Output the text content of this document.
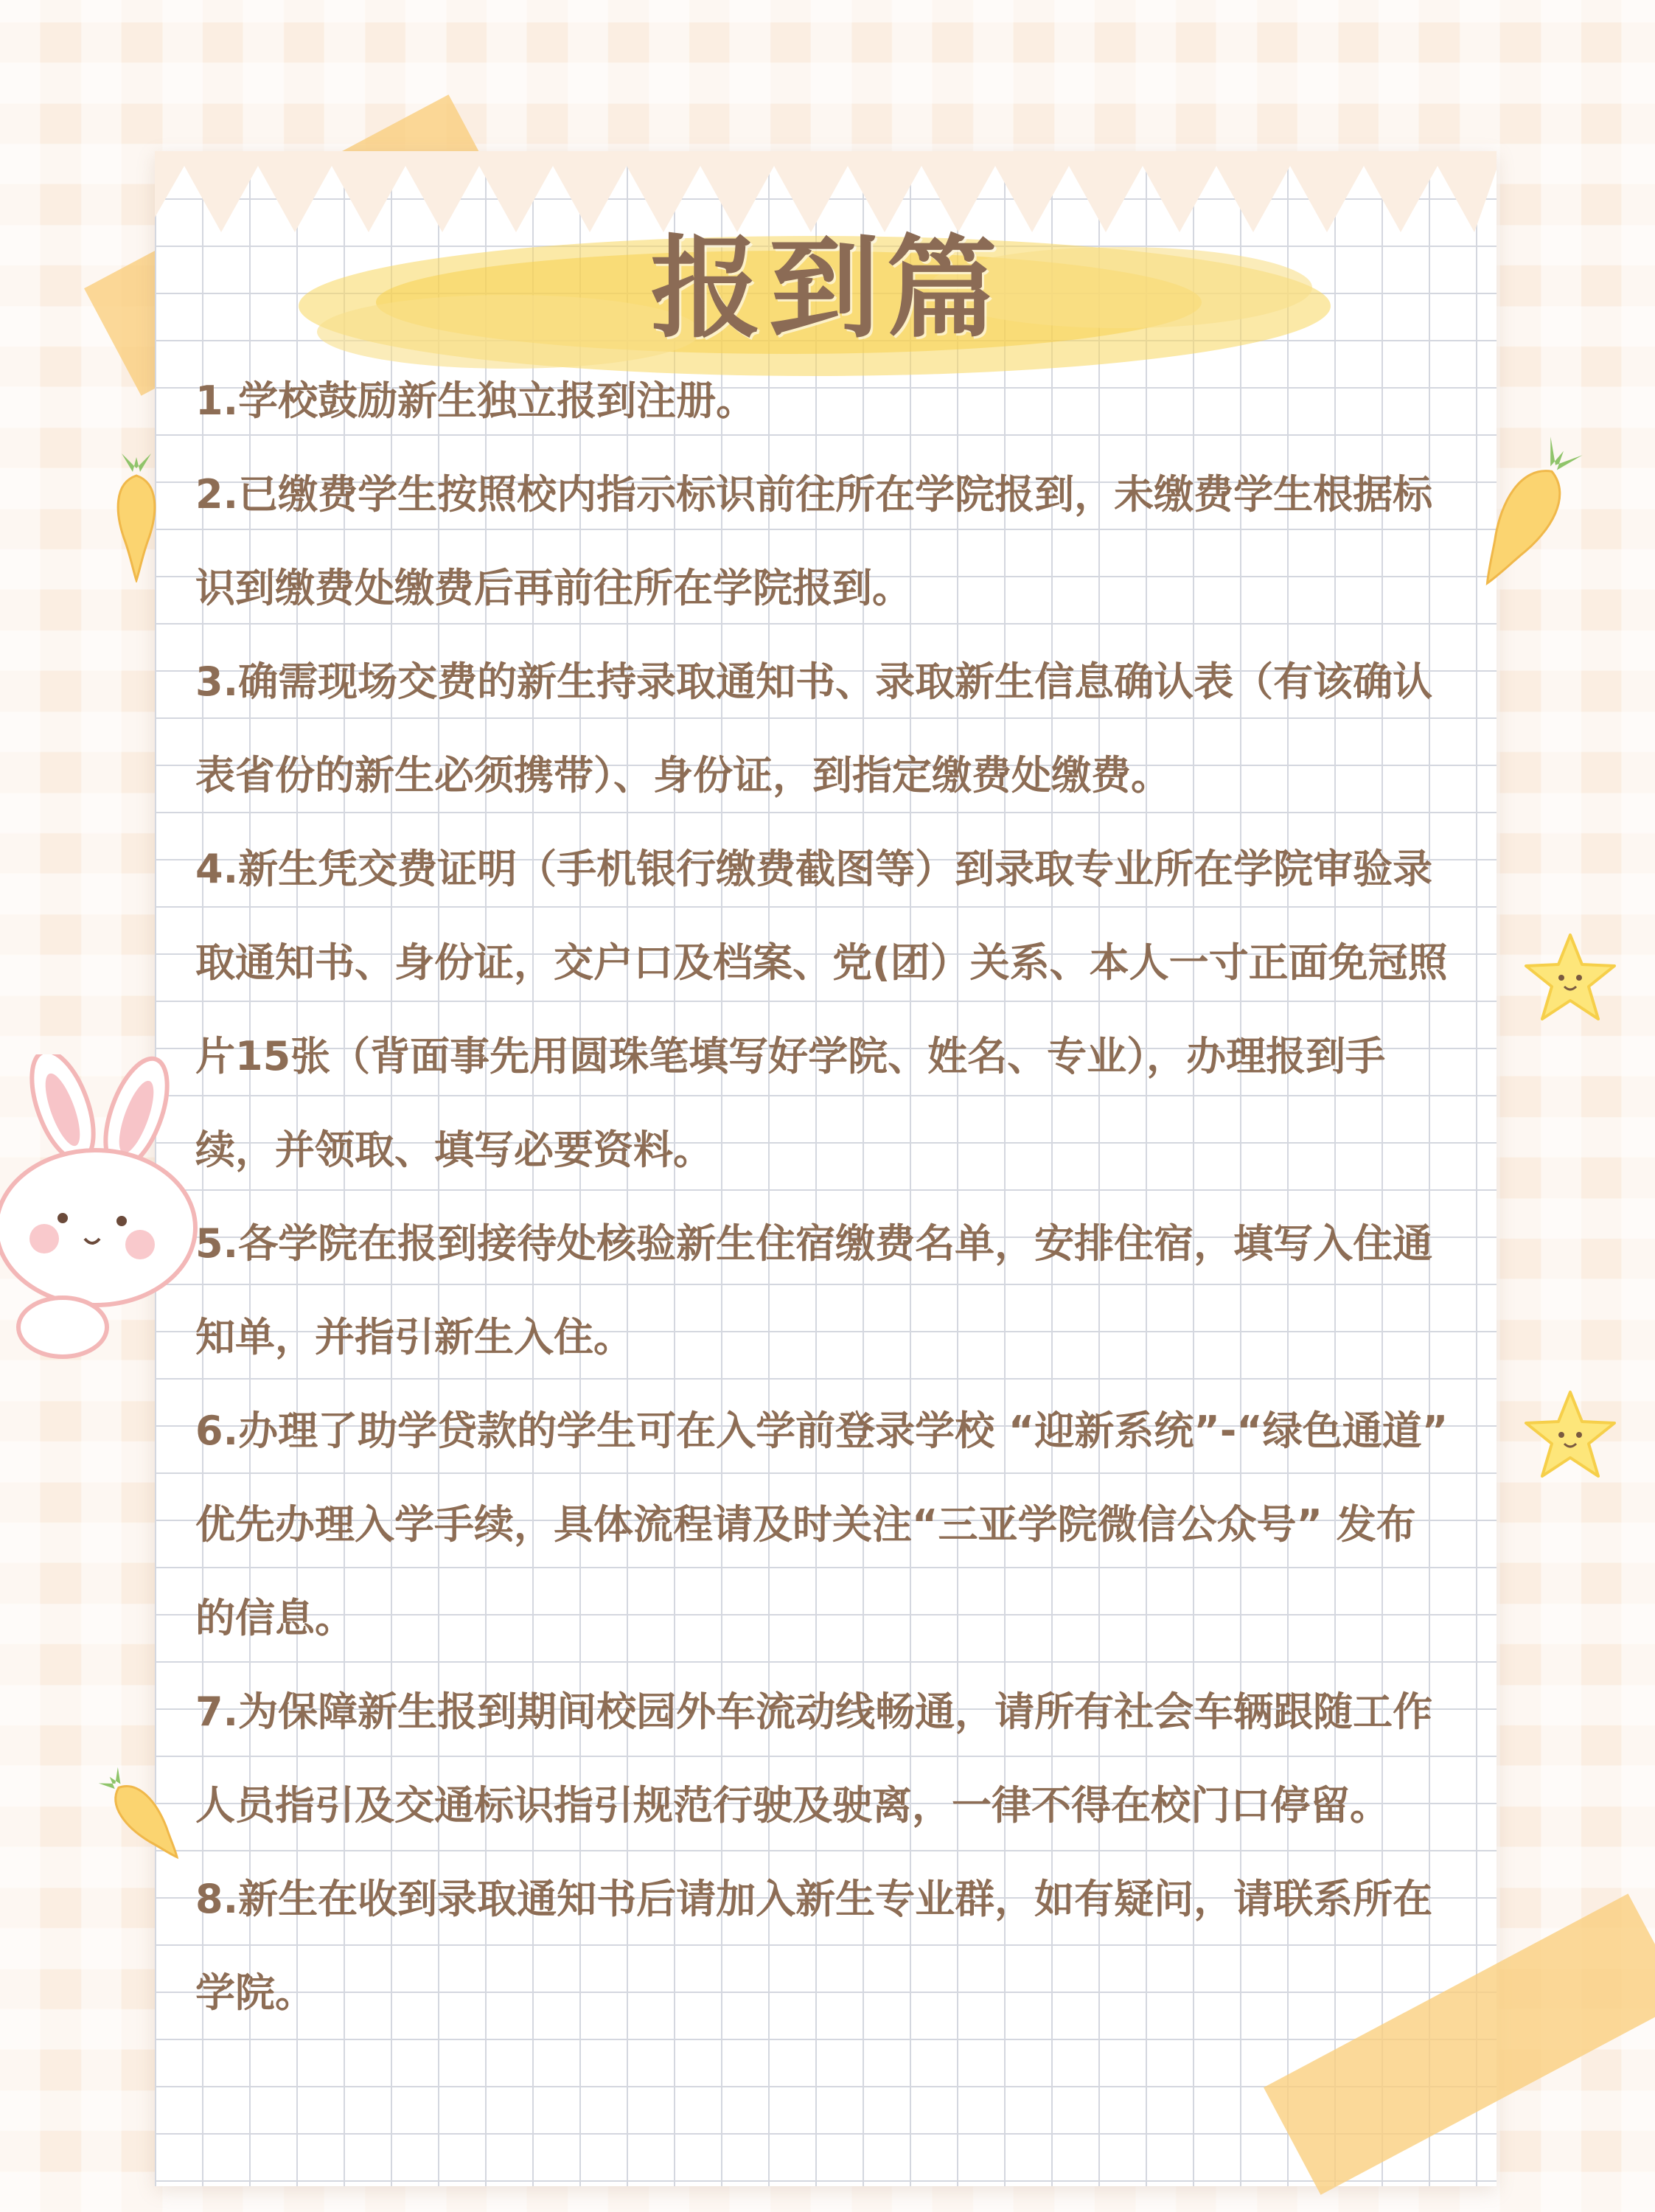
报到篇
1.学校鼓励新生独立报到注册。
2.已缴费学生按照校内指示标识前往所在学院报到，未缴费学生根据标识到缴费处缴费后再前往所在学院报到。
3.确需现场交费的新生持录取通知书、录取新生信息确认表（有该确认表省份的新生必须携带）、身份证，到指定缴费处缴费。
4.新生凭交费证明（手机银行缴费截图等）到录取专业所在学院审验录取通知书、身份证，交户口及档案、党(团）关系、本人一寸正面免冠照片15张（背面事先用圆珠笔填写好学院、姓名、专业），办理报到手续，并领取、填写必要资料。
5.各学院在报到接待处核验新生住宿缴费名单，安排住宿，填写入住通知单，并指引新生入住。
6.办理了助学贷款的学生可在入学前登录学校 “迎新系统”-“绿色通道” 优先办理入学手续，具体流程请及时关注“三亚学院微信公众号” 发布的信息。
7.为保障新生报到期间校园外车流动线畅通，请所有社会车辆跟随工作人员指引及交通标识指引规范行驶及驶离，一律不得在校门口停留。
8.新生在收到录取通知书后请加入新生专业群，如有疑问，请联系所在学院。
